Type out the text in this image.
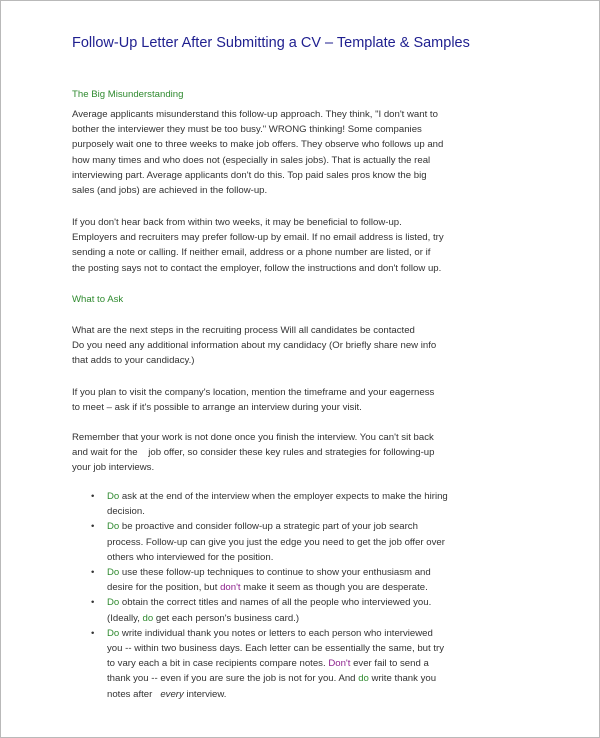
Follow-Up Letter After Submitting a CV – Template & Samples
The Big Misunderstanding
Average applicants misunderstand this follow-up approach. They think, "I don't want to
bother the interviewer they must be too busy." WRONG thinking! Some companies
purposely wait one to three weeks to make job offers. They observe who follows up and
how many times and who does not (especially in sales jobs). That is actually the real
interviewing part. Average applicants don't do this. Top paid sales pros know the big
sales (and jobs) are achieved in the follow-up.
If you don't hear back from within two weeks, it may be beneficial to follow-up.
Employers and recruiters may prefer follow-up by email. If no email address is listed, try
sending a note or calling. If neither email, address or a phone number are listed, or if
the posting says not to contact the employer, follow the instructions and don't follow up.
What to Ask
What are the next steps in the recruiting process Will all candidates be contacted
Do you need any additional information about my candidacy (Or briefly share new info
that adds to your candidacy.)
If you plan to visit the company's location, mention the timeframe and your eagerness
to meet – ask if it's possible to arrange an interview during your visit.
Remember that your work is not done once you finish the interview. You can't sit back
and wait for the    job offer, so consider these key rules and strategies for following-up
your job interviews.
• Do ask at the end of the interview when the employer expects to make the hiring
decision.
• Do be proactive and consider follow-up a strategic part of your job search
process. Follow-up can give you just the edge you need to get the job offer over
others who interviewed for the position.
• Do use these follow-up techniques to continue to show your enthusiasm and
desire for the position, but don't make it seem as though you are desperate.
• Do obtain the correct titles and names of all the people who interviewed you.
(Ideally, do get each person's business card.)
• Do write individual thank you notes or letters to each person who interviewed
you -- within two business days. Each letter can be essentially the same, but try
to vary each a bit in case recipients compare notes. Don't ever fail to send a
thank you -- even if you are sure the job is not for you. And do write thank you
notes after   every interview.
